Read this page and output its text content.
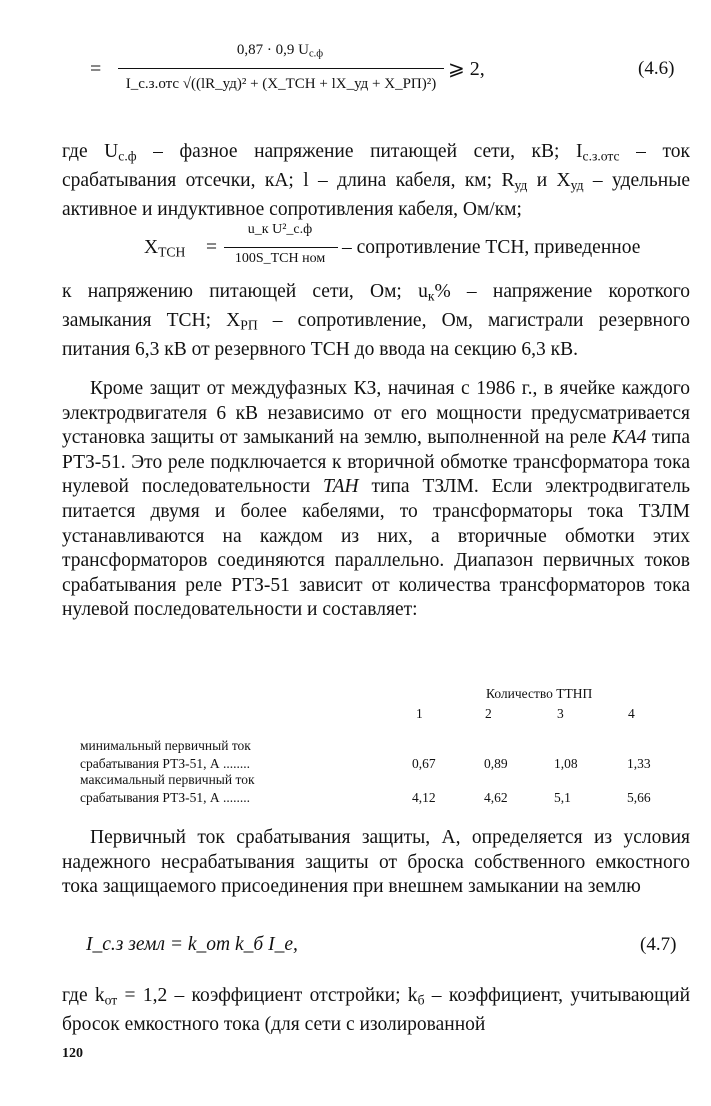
=
0,87 · 0,9 $U_{с.ф}$
I_с.з.отс √((lR_уд)² + (X_ТСН + lX_уд + X_РП)²)
⩾ 2,	(4.6)
где $U_{с.ф}$ – фазное напряжение питающей сети, кВ; $I_{с.з.отс}$ – ток срабатывания отсечки, кА; l – длина кабеля, км; $R_{уд}$ и $X_{уд}$ – удельные активное и индуктивное сопротивления кабеля, Ом/км;
$X_{ТСН}$ =
u_к U²_с.ф
100S_ТСН ном
– сопротивление ТСН, приведенное
к напряжению питающей сети, Ом; $u_к\%$ – напряжение короткого замыкания ТСН; $X_{РП}$ – сопротивление, Ом, магистрали резервного питания 6,3 кВ от резервного ТСН до ввода на секцию 6,3 кВ.
Кроме защит от междуфазных КЗ, начиная с 1986 г., в ячейке каждого электродвигателя 6 кВ независимо от его мощности предусматривается установка защиты от замыканий на землю, выполненной на реле КА4 типа РТЗ-51. Это реле подключается к вторичной обмотке трансформатора тока нулевой последовательности ТАН типа ТЗЛМ. Если электродвигатель питается двумя и более кабелями, то трансформаторы тока ТЗЛМ устанавливаются на каждом из них, а вторичные обмотки этих трансформаторов соединяются параллельно. Диапазон первичных токов срабатывания реле РТЗ-51 зависит от количества трансформаторов тока нулевой последовательности и составляет:
Количество ТТНП
1	2	3	4
минимальный первичный ток
срабатывания РТЗ-51, А ........	0,67	0,89	1,08	1,33
максимальный первичный ток
срабатывания РТЗ-51, А ........	4,12	4,62	5,1	5,66
Первичный ток срабатывания защиты, А, определяется из условия надежного несрабатывания защиты от броска собственного емкостного тока защищаемого присоединения при внешнем замыкании на землю
I_с.з земл = k_от k_б I_е,	(4.7)
где $k_{от} = 1,2$ – коэффициент отстройки; $k_б$ – коэффициент, учитывающий бросок емкостного тока (для сети с изолированной
120
